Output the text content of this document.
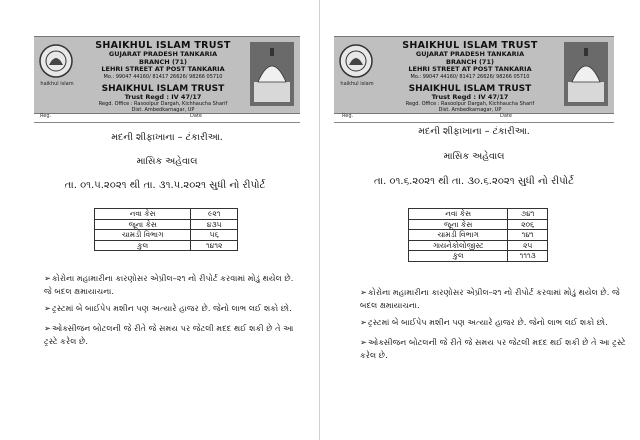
haikhul islam
SHAIKHUL ISLAM TRUST
GUJARAT PRADESH TANKARIA
BRANCH (71)
LEHRI STREET AT POST TANKARIA
Mo.: 99047 44160/ 81417 26626/ 98266 05710
SHAIKHUL ISLAM TRUST
Trust Regd : IV 47/17
Regd. Office : Rasoolpur Dargah, Kichhaucha Sharif
Dist. Ambedkarnagar, UP
Reg.	Date
મદની શીફાખાના – ટંકારીઆ.
માસિક અહેવાલ
તા. ૦૧.૫.૨૦૨૧ થી તા. ૩૧.૫.૨૦૨૧ સુધી નો રીપોર્ટ
નવા કેસ	૯૨૧
જૂના કેસ	૪૩૫
ચામડી વિભાગ	૫૬
કુલ	૧૪૧૨
➢કોરોના મહામારીના કારણોસર એપ્રીલ–૨૧ નો રીપોર્ટ કરવામાં મોડું થયેલ છે. જે બદલ ક્ષમાયાચના.
➢ટ્રસ્ટમાં બે બાઈપેપ મશીન પણ અત્યારે હાજર છે. જેનો લાભ લઈ શકો છો.
➢ઓક્સીજન બોટલની જે રીતે જે સમય પર જેટલી મદદ થઈ શકી છે તે આ ટ્રસ્ટે કરેલ છે.
haikhul islam
SHAIKHUL ISLAM TRUST
GUJARAT PRADESH TANKARIA
BRANCH (71)
LEHRI STREET AT POST TANKARIA
Mo.: 99047 44160/ 81417 26626/ 98266 05710
SHAIKHUL ISLAM TRUST
Trust Regd : IV 47/17
Regd. Office : Rasoolpur Dargah, Kichhaucha Sharif
Dist. Ambedkarnagar, UP
Reg.	Date
મદની શીફાખાના – ટંકારીઆ.
માસિક અહેવાલ
તા. ૦૧.૬.૨૦૨૧ થી તા. ૩૦.૬.૨૦૨૧ સુધી નો રીપોર્ટ
નવા કેસ	૭૪૧
જૂના કેસ	૨૦૬
ચામડી વિભાગ	૧૪૧
ગાયનેકોલોજીસ્ટ	૨૫
કુલ	૧૧૧૩
➢કોરોના મહામારીના કારણોસર એપ્રીલ–૨૧ નો રીપોર્ટ કરવામાં મોડું થયેલ છે. જે બદલ ક્ષમાયાચના.
➢ટ્રસ્ટમાં બે બાઈપેપ મશીન પણ અત્યારે હાજર છે. જેનો લાભ લઈ શકો છો.
➢ઓક્સીજન બોટલની જે રીતે જે સમય પર જેટલી મદદ થઈ શકી છે તે આ ટ્રસ્ટે કરેલ છે.
